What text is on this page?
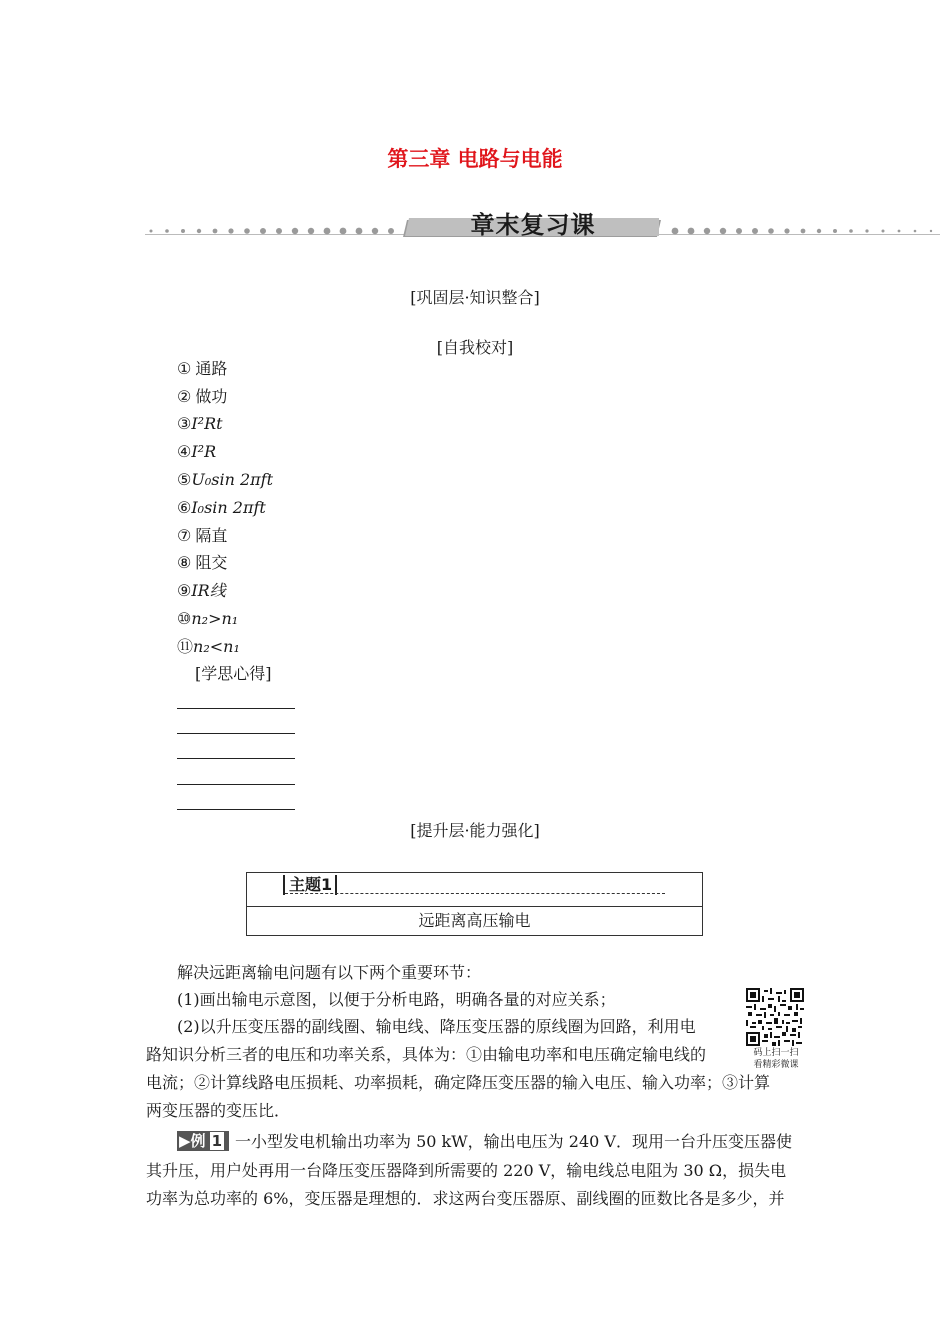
第三章 电路与电能
章末复习课
[巩固层·知识整合]
[自我校对]
① 通路
② 做功
③I²Rt
④I²R
⑤U₀sin 2πft
⑥I₀sin 2πft
⑦ 隔直
⑧ 阻交
⑨IR线
⑩n₂>n₁
⑪n₂<n₁
[学思心得]
[提升层·能力强化]
主题1
远距离高压输电
解决远距离输电问题有以下两个重要环节：
(1)画出输电示意图，以便于分析电路，明确各量的对应关系；
(2)以升压变压器的副线圈、输电线、降压变压器的原线圈为回路，利用电
路知识分析三者的电压和功率关系，具体为：①由输电功率和电压确定输电线的
电流；②计算线路电压损耗、功率损耗，确定降压变压器的输入电压、输入功率；③计算
两变压器的变压比．
码上扫一扫
看精彩微课
▶例 1 一小型发电机输出功率为 50 kW，输出电压为 240 V．现用一台升压变压器使
其升压，用户处再用一台降压变压器降到所需要的 220 V，输电线总电阻为 30 Ω，损失电
功率为总功率的 6%，变压器是理想的．求这两台变压器原、副线圈的匝数比各是多少，并
